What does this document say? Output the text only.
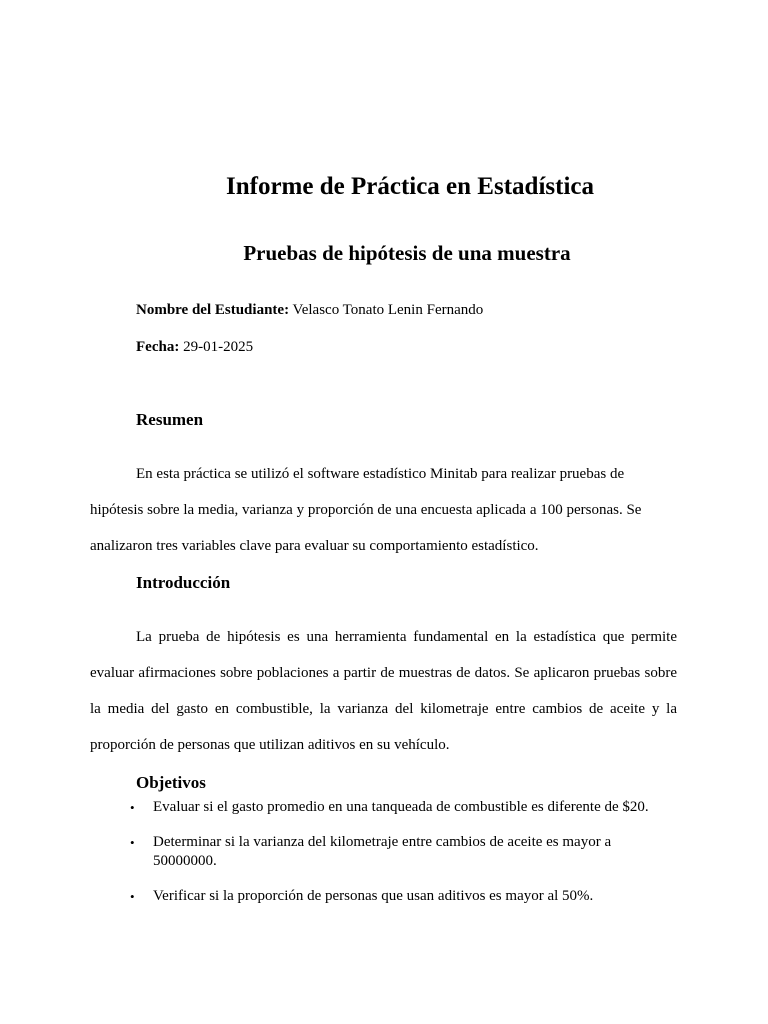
Informe de Práctica en Estadística
Pruebas de hipótesis de una muestra

Nombre del Estudiante: Velasco Tonato Lenin Fernando

Fecha: 29-01-2025

Resumen

En esta práctica se utilizó el software estadístico Minitab para realizar pruebas de hipótesis sobre la media, varianza y proporción de una encuesta aplicada a 100 personas. Se analizaron tres variables clave para evaluar su comportamiento estadístico.

Introducción

La prueba de hipótesis es una herramienta fundamental en la estadística que permite evaluar afirmaciones sobre poblaciones a partir de muestras de datos. Se aplicaron pruebas sobre la media del gasto en combustible, la varianza del kilometraje entre cambios de aceite y la proporción de personas que utilizan aditivos en su vehículo.

Objetivos
• Evaluar si el gasto promedio en una tanqueada de combustible es diferente de $20.
• Determinar si la varianza del kilometraje entre cambios de aceite es mayor a 50000000.
• Verificar si la proporción de personas que usan aditivos es mayor al 50%.
